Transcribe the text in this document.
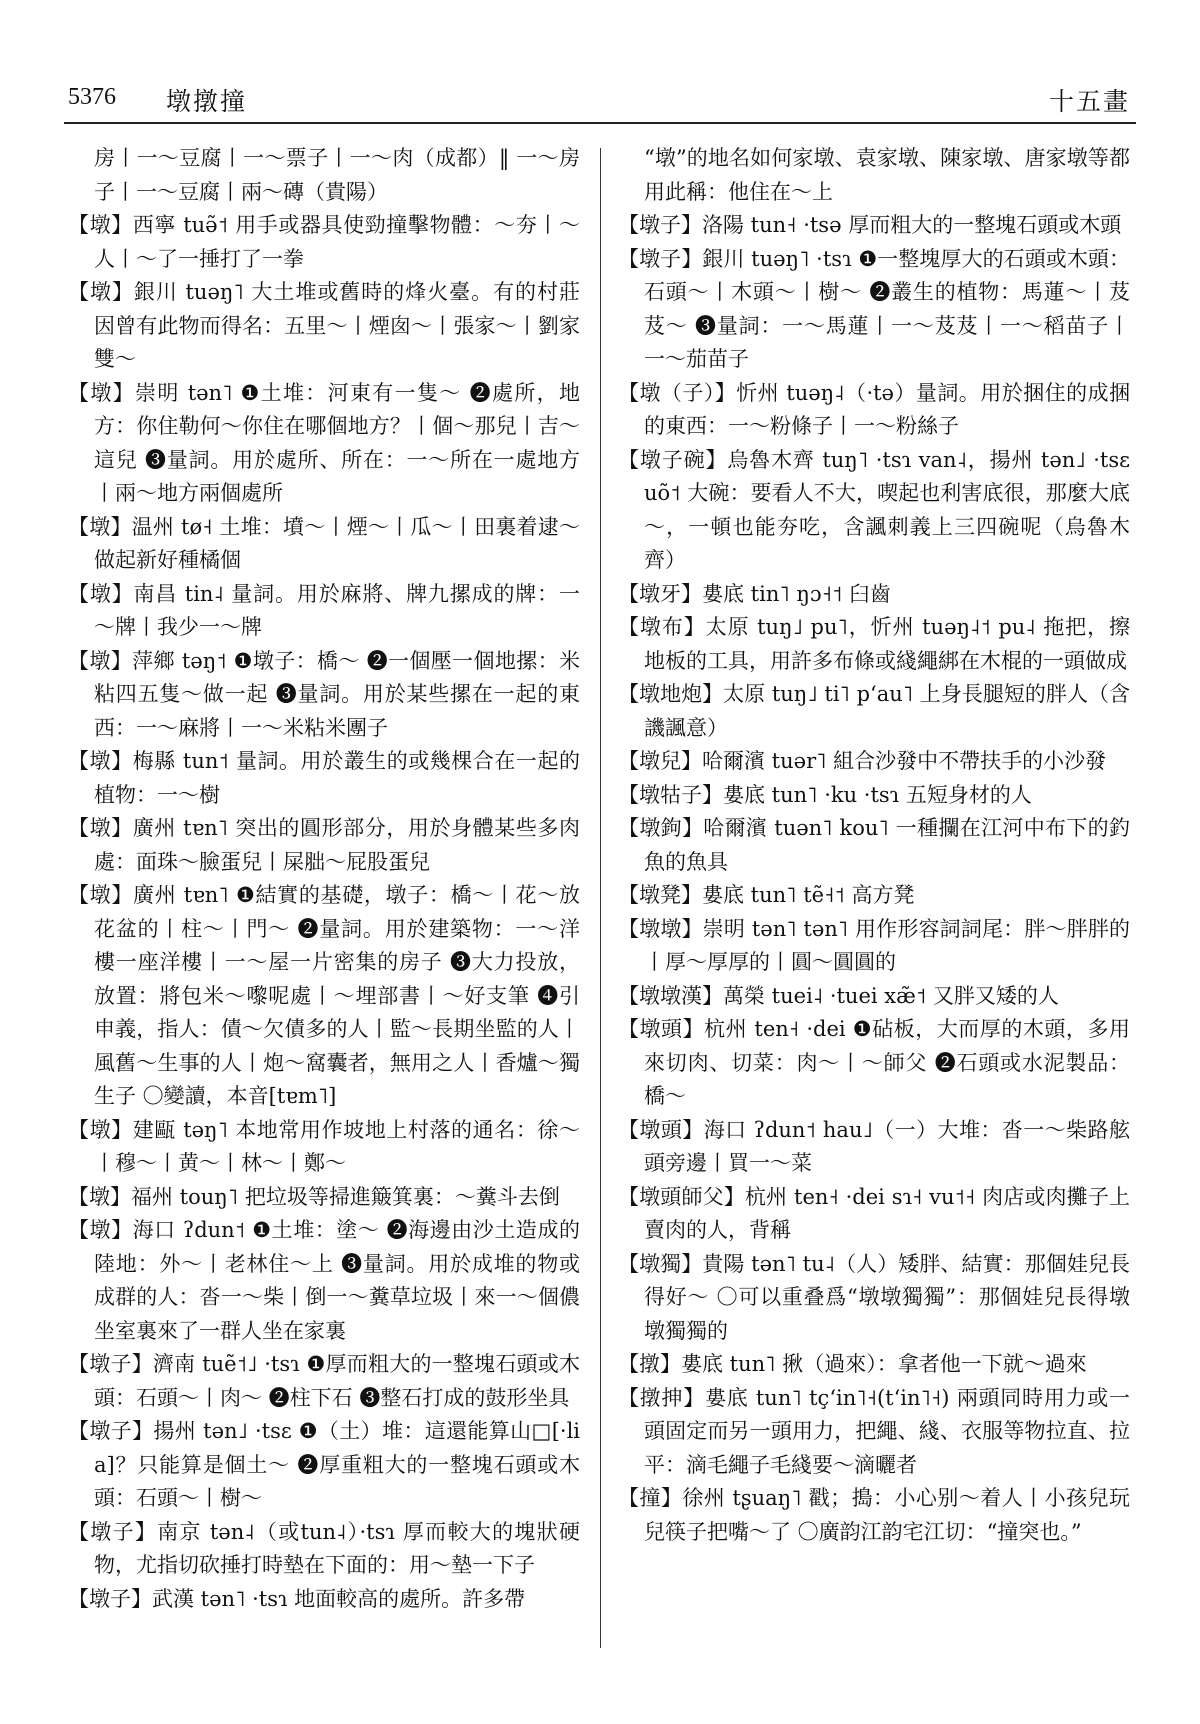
5376 墩撴撞	十五畫
房丨一～豆腐丨一～票子丨一～肉（成都）‖ 一～房子丨一～豆腐丨兩～磚（貴陽）
【墩】西寧 tuə̃˦ 用手或器具使勁撞擊物體：～夯丨～人丨～了一捶打了一拳
【墩】銀川 tuəŋ˥ 大土堆或舊時的烽火臺。有的村莊因曾有此物而得名：五里～丨煙囱～丨張家～丨劉家雙～
【墩】崇明 tən˥ ❶土堆：河東有一隻～ ❷處所，地方：你住勒何～你住在哪個地方？丨個～那兒丨吉～這兒 ❸量詞。用於處所、所在：一～所在一處地方丨兩～地方兩個處所
【墩】温州 tø˧ 土堆：墳～丨煙～丨瓜～丨田裏着逮～做起新好種橘個
【墩】南昌 tin˨ 量詞。用於麻將、牌九摞成的牌：一～牌丨我少一～牌
【墩】萍鄉 təŋ˦ ❶墩子：橋～ ❷一個壓一個地摞：米粘四五隻～做一起 ❸量詞。用於某些摞在一起的東西：一～麻將丨一～米粘米團子
【墩】梅縣 tun˦ 量詞。用於叢生的或幾棵合在一起的植物：一～樹
【墩】廣州 tɐn˥ 突出的圓形部分，用於身體某些多肉處：面珠～臉蛋兒丨屎胐～屁股蛋兒
【墩】廣州 tɐn˥ ❶結實的基礎，墩子：橋～丨花～放花盆的丨柱～丨門～ ❷量詞。用於建築物：一～洋樓一座洋樓丨一～屋一片密集的房子 ❸大力投放，放置：將包米～嚟呢處丨～埋部書丨～好支筆 ❹引申義，指人：債～欠債多的人丨監～長期坐監的人丨風舊～生事的人丨炮～窩囊者，無用之人丨香爐～獨生子 〇變讀，本音[tɐm˥]
【墩】建甌 təŋ˥ 本地常用作坡地上村落的通名：徐～丨穆～丨黄～丨林～丨鄭～
【墩】福州 touŋ˥ 把垃圾等掃進簸箕裏：～糞斗去倒
【墩】海口 ʔdun˦ ❶土堆：塗～ ❷海邊由沙土造成的陸地：外～丨老林住～上 ❸量詞。用於成堆的物或成群的人：沓一～柴丨倒一～糞草垃圾丨來一～個儂坐室裏來了一群人坐在家裏
【墩子】濟南 tuẽ˦˩ ·tsɿ ❶厚而粗大的一整塊石頭或木頭：石頭～丨肉～ ❷柱下石 ❸整石打成的鼓形坐具
【墩子】揚州 tən˩ ·tsɛ ❶（土）堆：這還能算山□[·lia]？只能算是個土～ ❷厚重粗大的一整塊石頭或木頭：石頭～丨樹～
【墩子】南京 tən˨（或tun˨）·tsɿ 厚而較大的塊狀硬物，尤指切砍捶打時墊在下面的：用～墊一下子
【墩子】武漢 tən˥ ·tsɿ 地面較高的處所。許多帶
“墩”的地名如何家墩、袁家墩、陳家墩、唐家墩等都用此稱：他住在～上
【墩子】洛陽 tun˧ ·tsə 厚而粗大的一整塊石頭或木頭
【墩子】銀川 tuəŋ˥ ·tsɿ ❶一整塊厚大的石頭或木頭：石頭～丨木頭～丨樹～ ❷叢生的植物：馬蓮～丨芨芨～ ❸量詞：一～馬蓮丨一～芨芨丨一～稻苗子丨一～茄苗子
【墩（子）】忻州 tuəŋ˨（·tə）量詞。用於捆住的成捆的東西：一～粉條子丨一～粉絲子
【墩子碗】烏魯木齊 tuŋ˥ ·tsɿ van˨，揚州 tən˩ ·tsɛ uõ˦ 大碗：要看人不大，喫起也利害底很，那麼大底～，一頓也能夯吃，含諷刺義上三四碗呢（烏魯木齊）
【墩牙】婁底 tin˥ ŋɔ˧˦ 臼齒
【墩布】太原 tuŋ˩ pu˥，忻州 tuəŋ˨˦ pu˨ 拖把，擦地板的工具，用許多布條或綫繩綁在木棍的一頭做成
【墩地炮】太原 tuŋ˩ ti˥ pʻau˥ 上身長腿短的胖人（含譏諷意）
【墩兒】哈爾濱 tuər˥ 組合沙發中不帶扶手的小沙發
【墩牯子】婁底 tun˥ ·ku ·tsɿ 五短身材的人
【墩鉤】哈爾濱 tuən˥ kou˥ 一種攔在江河中布下的釣魚的魚具
【墩凳】婁底 tun˥ tẽ˧˦ 高方凳
【墩墩】崇明 tən˥ tən˥ 用作形容詞詞尾：胖～胖胖的丨厚～厚厚的丨圓～圓圓的
【墩墩漢】萬榮 tuei˨ ·tuei xæ̃˦ 又胖又矮的人
【墩頭】杭州 ten˧ ·dei ❶砧板，大而厚的木頭，多用來切肉、切菜：肉～丨～師父 ❷石頭或水泥製品：橋～
【墩頭】海口 ʔdun˦ hau˩（一）大堆：沓一～柴路舷頭旁邊丨買一～菜
【墩頭師父】杭州 ten˧ ·dei sɿ˧ vu˦˧ 肉店或肉攤子上賣肉的人，背稱
【墩獨】貴陽 tən˥ tu˨（人）矮胖、結實：那個娃兒長得好～ 〇可以重叠爲“墩墩獨獨”：那個娃兒長得墩墩獨獨的
【撴】婁底 tun˥ 揪（過來）：拿者他一下就～過來
【撴抻】婁底 tun˥ tçʻin˥˧(tʻin˥˧) 兩頭同時用力或一頭固定而另一頭用力，把繩、綫、衣服等物拉直、拉平：滴毛繩子毛綫要～滴曬者
【撞】徐州 tʂuaŋ˥ 戳；搗：小心别～着人丨小孩兒玩兒筷子把嘴～了 〇廣韵江韵宅江切：“撞突也。”
